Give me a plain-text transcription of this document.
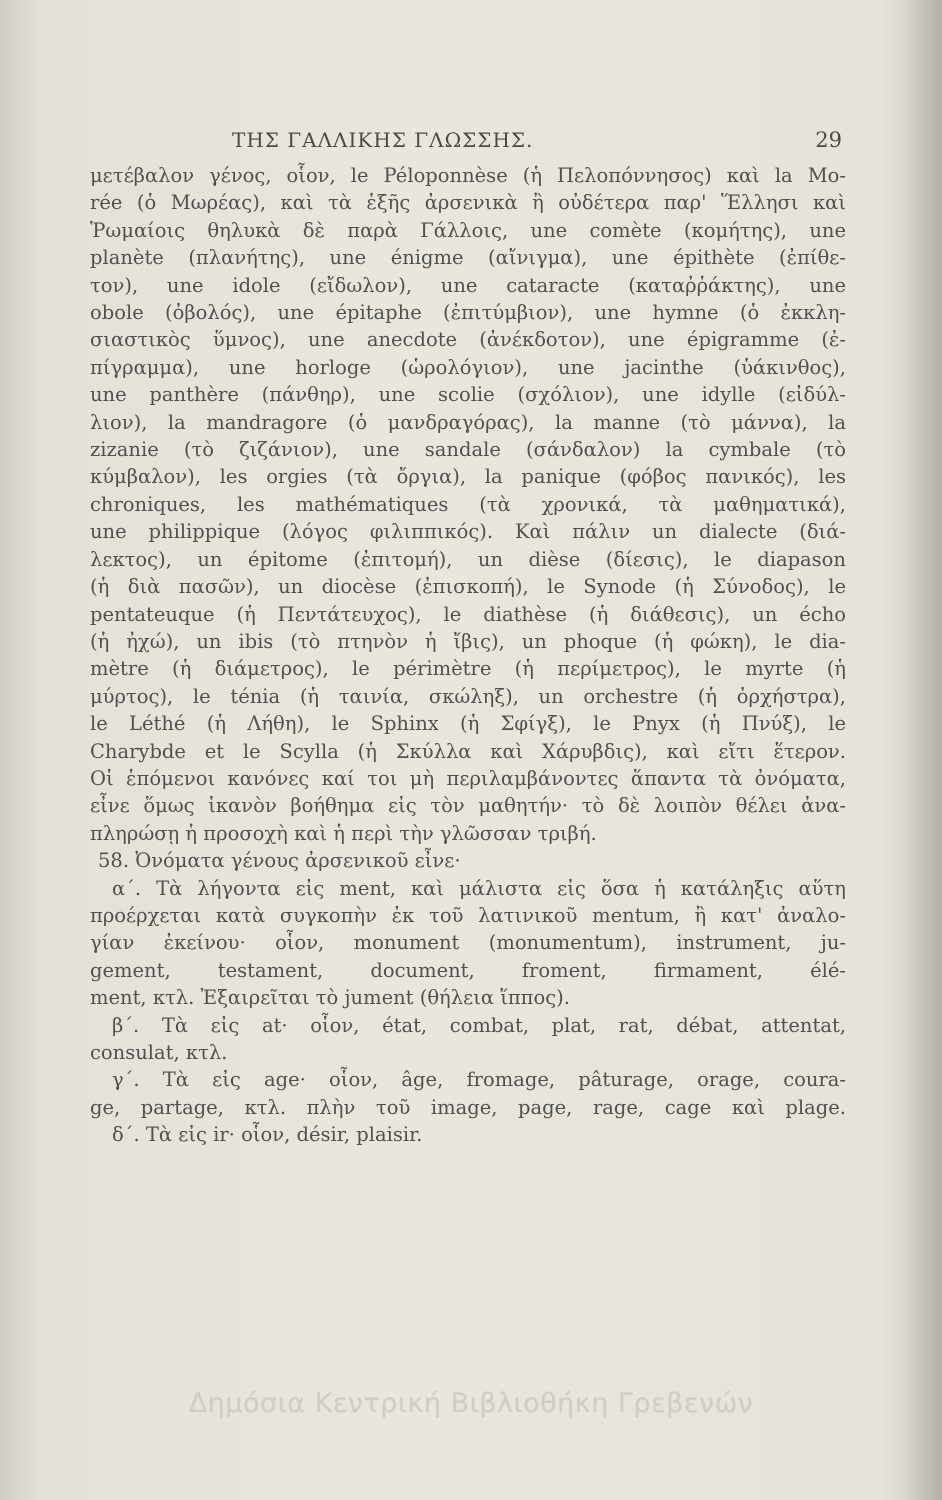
ΤΗΣ ΓΑΛΛΙΚΗΣ ΓΛΩΣΣΗΣ.	29
μετέβαλον γένος, οἷον, le Péloponnèse (ἡ Πελοπόννησος) καὶ la Mo-
rée (ὁ Μωρέας), καὶ τὰ ἑξῆς ἀρσενικὰ ἢ οὐδέτερα παρ' Ἕλλησι καὶ
Ῥωμαίοις θηλυκὰ δὲ παρὰ Γάλλοις, une comète (κομήτης), une
planète (πλανήτης), une énigme (αἴνιγμα), une épithète (ἐπίθε-
τον), une idole (εἴδωλον), une cataracte (καταῤῥάκτης), une
obole (ὀβολός), une épitaphe (ἐπιτύμβιον), une hymne (ὁ ἐκκλη-
σιαστικὸς ὕμνος), une anecdote (ἀνέκδοτον), une épigramme (ἐ-
πίγραμμα), une horloge (ὡρολόγιον), une jacinthe (ὑάκινθος),
une panthère (πάνθηρ), une scolie (σχόλιον), une idylle (εἰδύλ-
λιον), la mandragore (ὁ μανδραγόρας), la manne (τὸ μάννα), la
zizanie (τὸ ζιζάνιον), une sandale (σάνδαλον) la cymbale (τὸ
κύμβαλον), les orgies (τὰ ὄργια), la panique (φόβος πανικός), les
chroniques, les mathématiques (τὰ χρονικά, τὰ μαθηματικά),
une philippique (λόγος φιλιππικός). Καὶ πάλιν un dialecte (διά-
λεκτος), un épitome (ἐπιτομή), un dièse (δίεσις), le diapason
(ἡ διὰ πασῶν), un diocèse (ἐπισκοπή), le Synode (ἡ Σύνοδος), le
pentateuque (ἡ Πεντάτευχος), le diathèse (ἡ διάθεσις), un écho
(ἡ ἠχώ), un ibis (τὸ πτηνὸν ἡ ἴβις), un phoque (ἡ φώκη), le dia-
mètre (ἡ διάμετρος), le périmètre (ἡ περίμετρος), le myrte (ἡ
μύρτος), le ténia (ἡ ταινία, σκώληξ), un orchestre (ἡ ὀρχήστρα),
le Léthé (ἡ Λήθη), le Sphinx (ἡ Σφίγξ), le Pnyx (ἡ Πνύξ), le
Charybde et le Scylla (ἡ Σκύλλα καὶ Χάρυβδις), καὶ εἴτι ἕτερον.
Οἱ ἑπόμενοι κανόνες καί τοι μὴ περιλαμβάνοντες ἅπαντα τὰ ὀνόματα,
εἶνε ὅμως ἱκανὸν βοήθημα εἰς τὸν μαθητήν· τὸ δὲ λοιπὸν θέλει ἀνα-
πληρώσῃ ἡ προσοχὴ καὶ ἡ περὶ τὴν γλῶσσαν τριβή.
58. Ὀνόματα γένους ἀρσενικοῦ εἶνε·
α΄. Τὰ λήγοντα εἰς ment, καὶ μάλιστα εἰς ὅσα ἡ κατάληξις αὕτη
προέρχεται κατὰ συγκοπὴν ἐκ τοῦ λατινικοῦ mentum, ἢ κατ' ἀναλο-
γίαν ἐκείνου· οἷον, monument (monumentum), instrument, ju-
gement, testament, document, froment, firmament, élé-
ment, κτλ. Ἐξαιρεῖται τὸ jument (θήλεια ἵππος).
β΄. Τὰ εἰς at· οἷον, état, combat, plat, rat, débat, attentat,
consulat, κτλ.
γ΄. Τὰ εἰς age· οἷον, âge, fromage, pâturage, orage, coura-
ge, partage, κτλ. πλὴν τοῦ image, page, rage, cage καὶ plage.
δ΄. Τὰ εἰς ir· οἷον, désir, plaisir.
Δημόσια Κεντρική Βιβλιοθήκη Γρεβενών
